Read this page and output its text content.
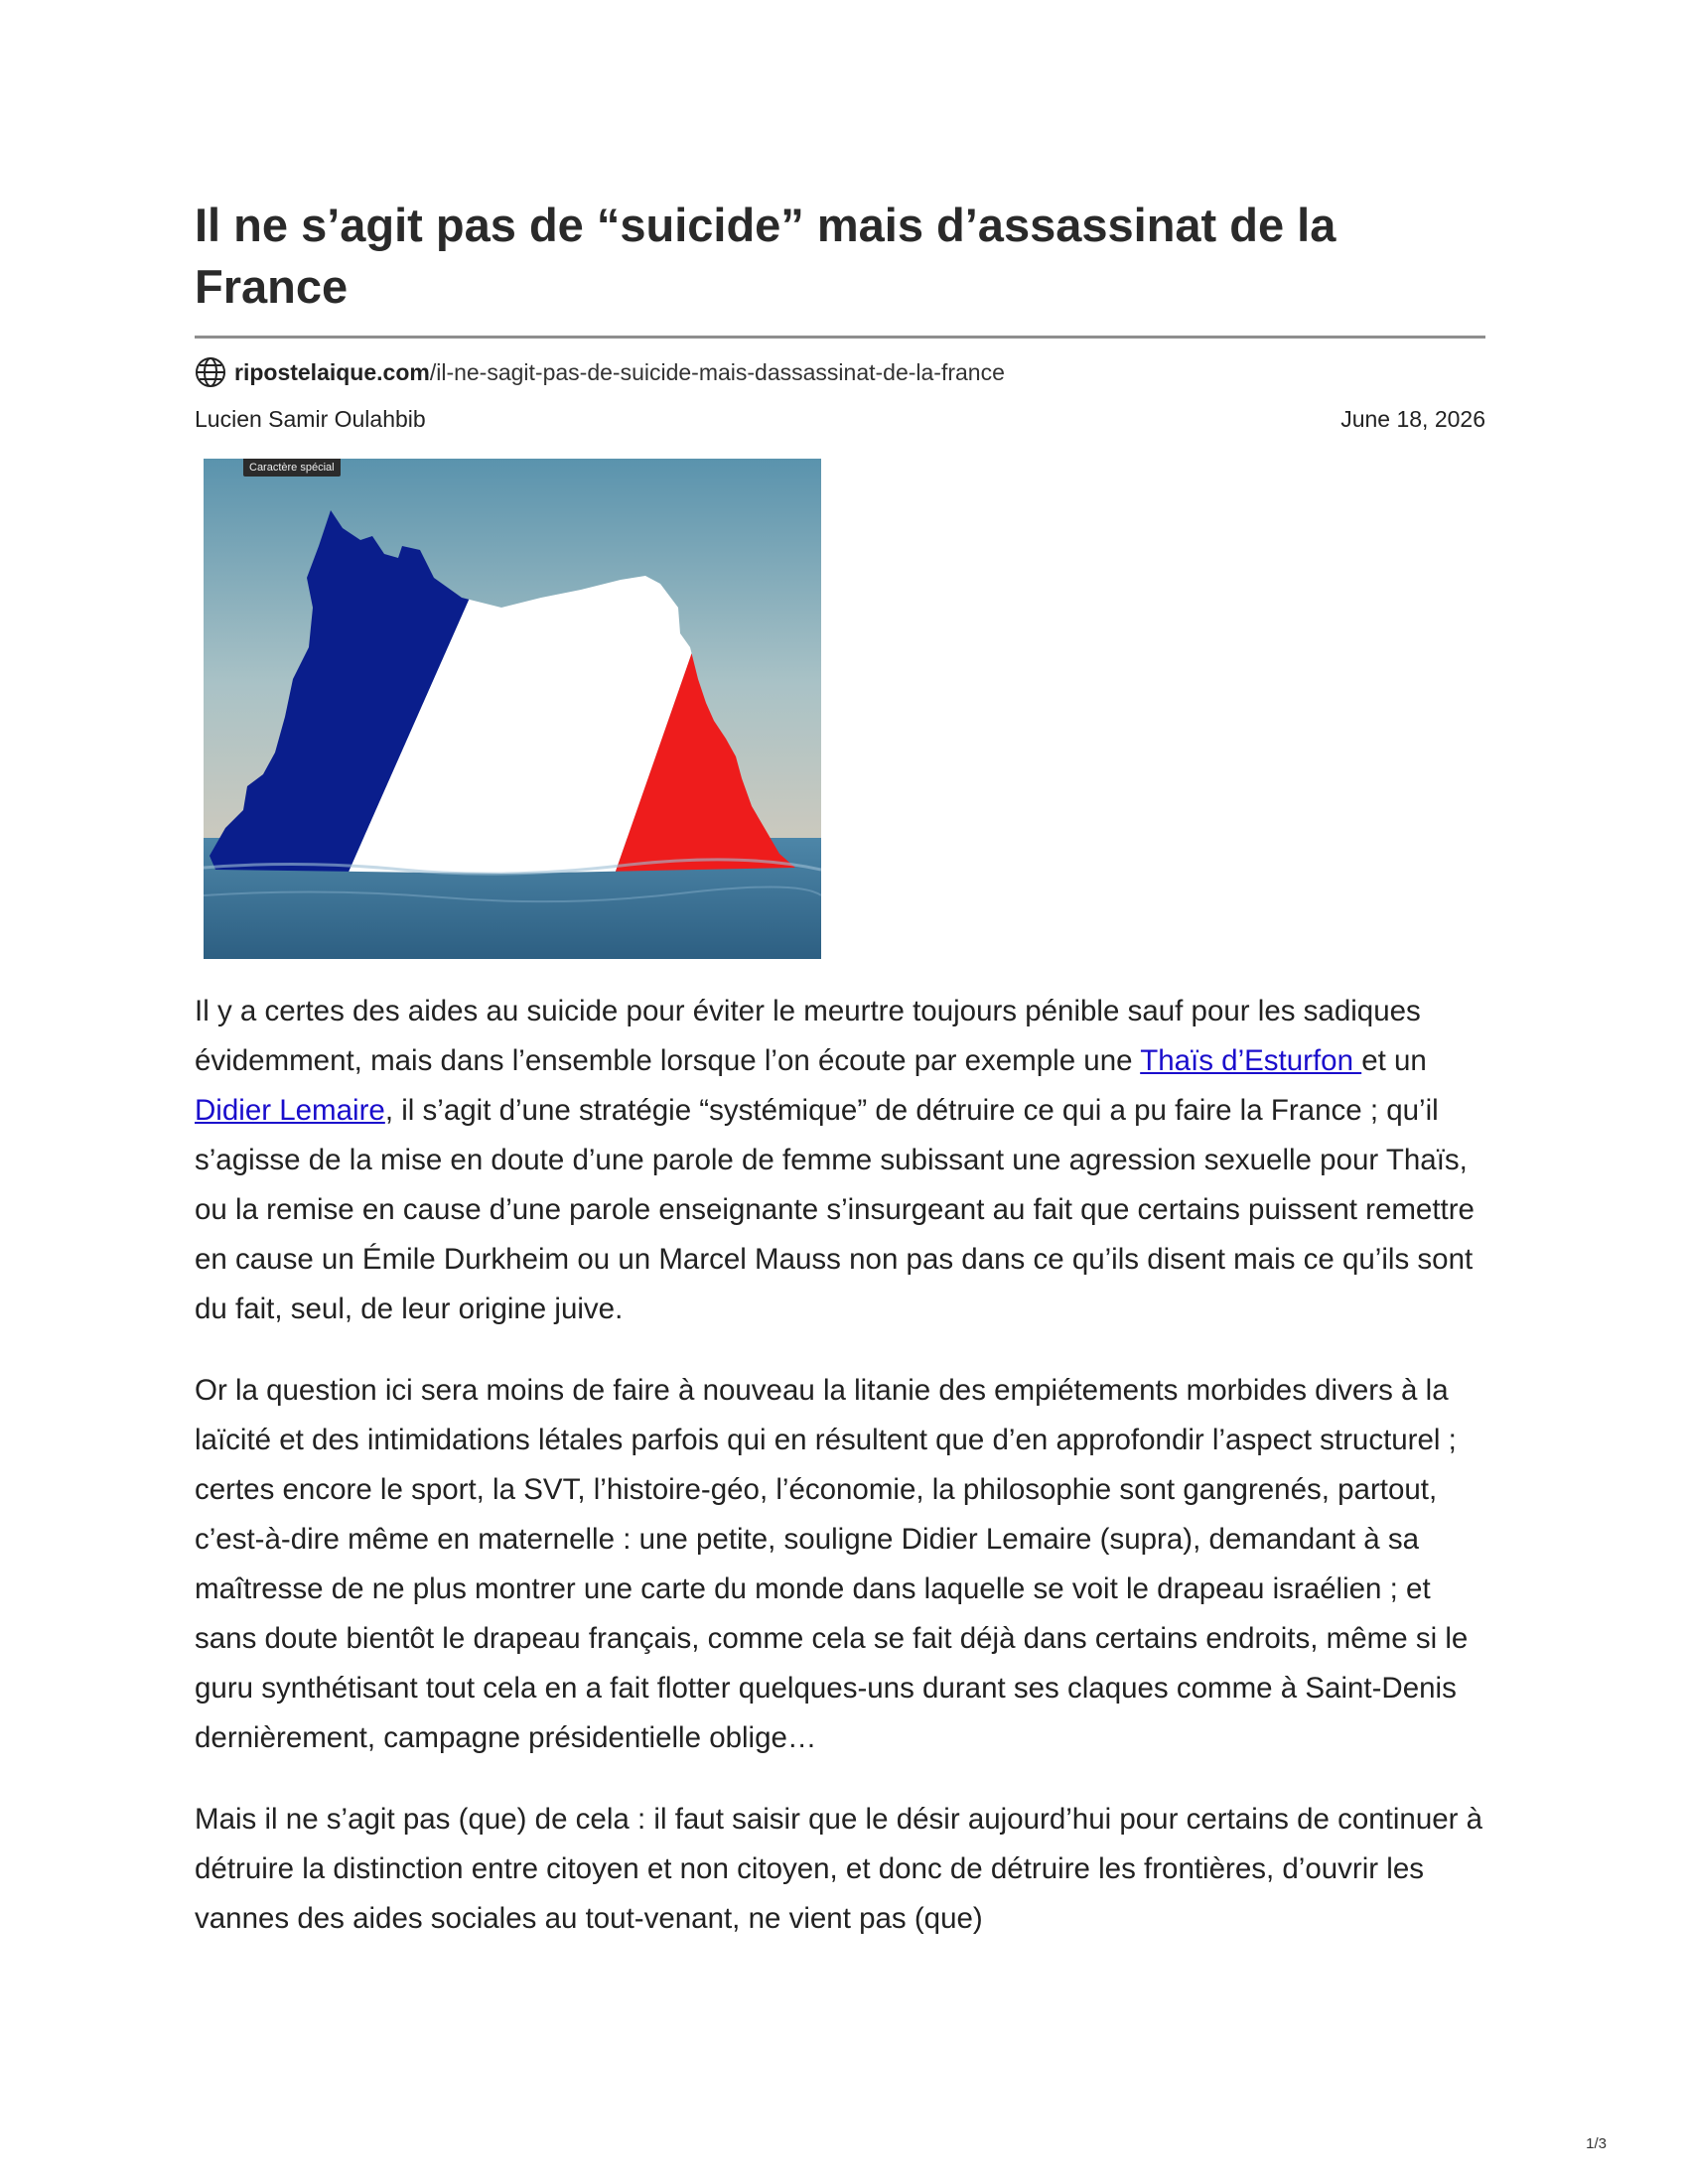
Il ne s’agit pas de “suicide” mais d’assassinat de la France
ripostelaique.com /il-ne-sagit-pas-de-suicide-mais-dassassinat-de-la-france
Lucien Samir Oulahbib	June 18, 2026
Caractère spécial

Il y a certes des aides au suicide pour éviter le meurtre toujours pénible sauf pour les sadiques évidemment, mais dans l’ensemble lorsque l’on écoute par exemple une Thaïs d’Esturfon et un Didier Lemaire, il s’agit d’une stratégie “systémique” de détruire ce qui a pu faire la France ; qu’il s’agisse de la mise en doute d’une parole de femme subissant une agression sexuelle pour Thaïs, ou la remise en cause d’une parole enseignante s’insurgeant au fait que certains puissent remettre en cause un Émile Durkheim ou un Marcel Mauss non pas dans ce qu’ils disent mais ce qu’ils sont du fait, seul, de leur origine juive.

Or la question ici sera moins de faire à nouveau la litanie des empiétements morbides divers à la laïcité et des intimidations létales parfois qui en résultent que d’en approfondir l’aspect structurel ; certes encore le sport, la SVT, l’histoire-géo, l’économie, la philosophie sont gangrenés, partout, c’est-à-dire même en maternelle : une petite, souligne Didier Lemaire (supra), demandant à sa maîtresse de ne plus montrer une carte du monde dans laquelle se voit le drapeau israélien ; et sans doute bientôt le drapeau français, comme cela se fait déjà dans certains endroits, même si le guru synthétisant tout cela en a fait flotter quelques-uns durant ses claques comme à Saint-Denis dernièrement, campagne présidentielle oblige…

Mais il ne s’agit pas (que) de cela : il faut saisir que le désir aujourd’hui pour certains de continuer à détruire la distinction entre citoyen et non citoyen, et donc de détruire les frontières, d’ouvrir les vannes des aides sociales au tout-venant, ne vient pas (que)

1/3
